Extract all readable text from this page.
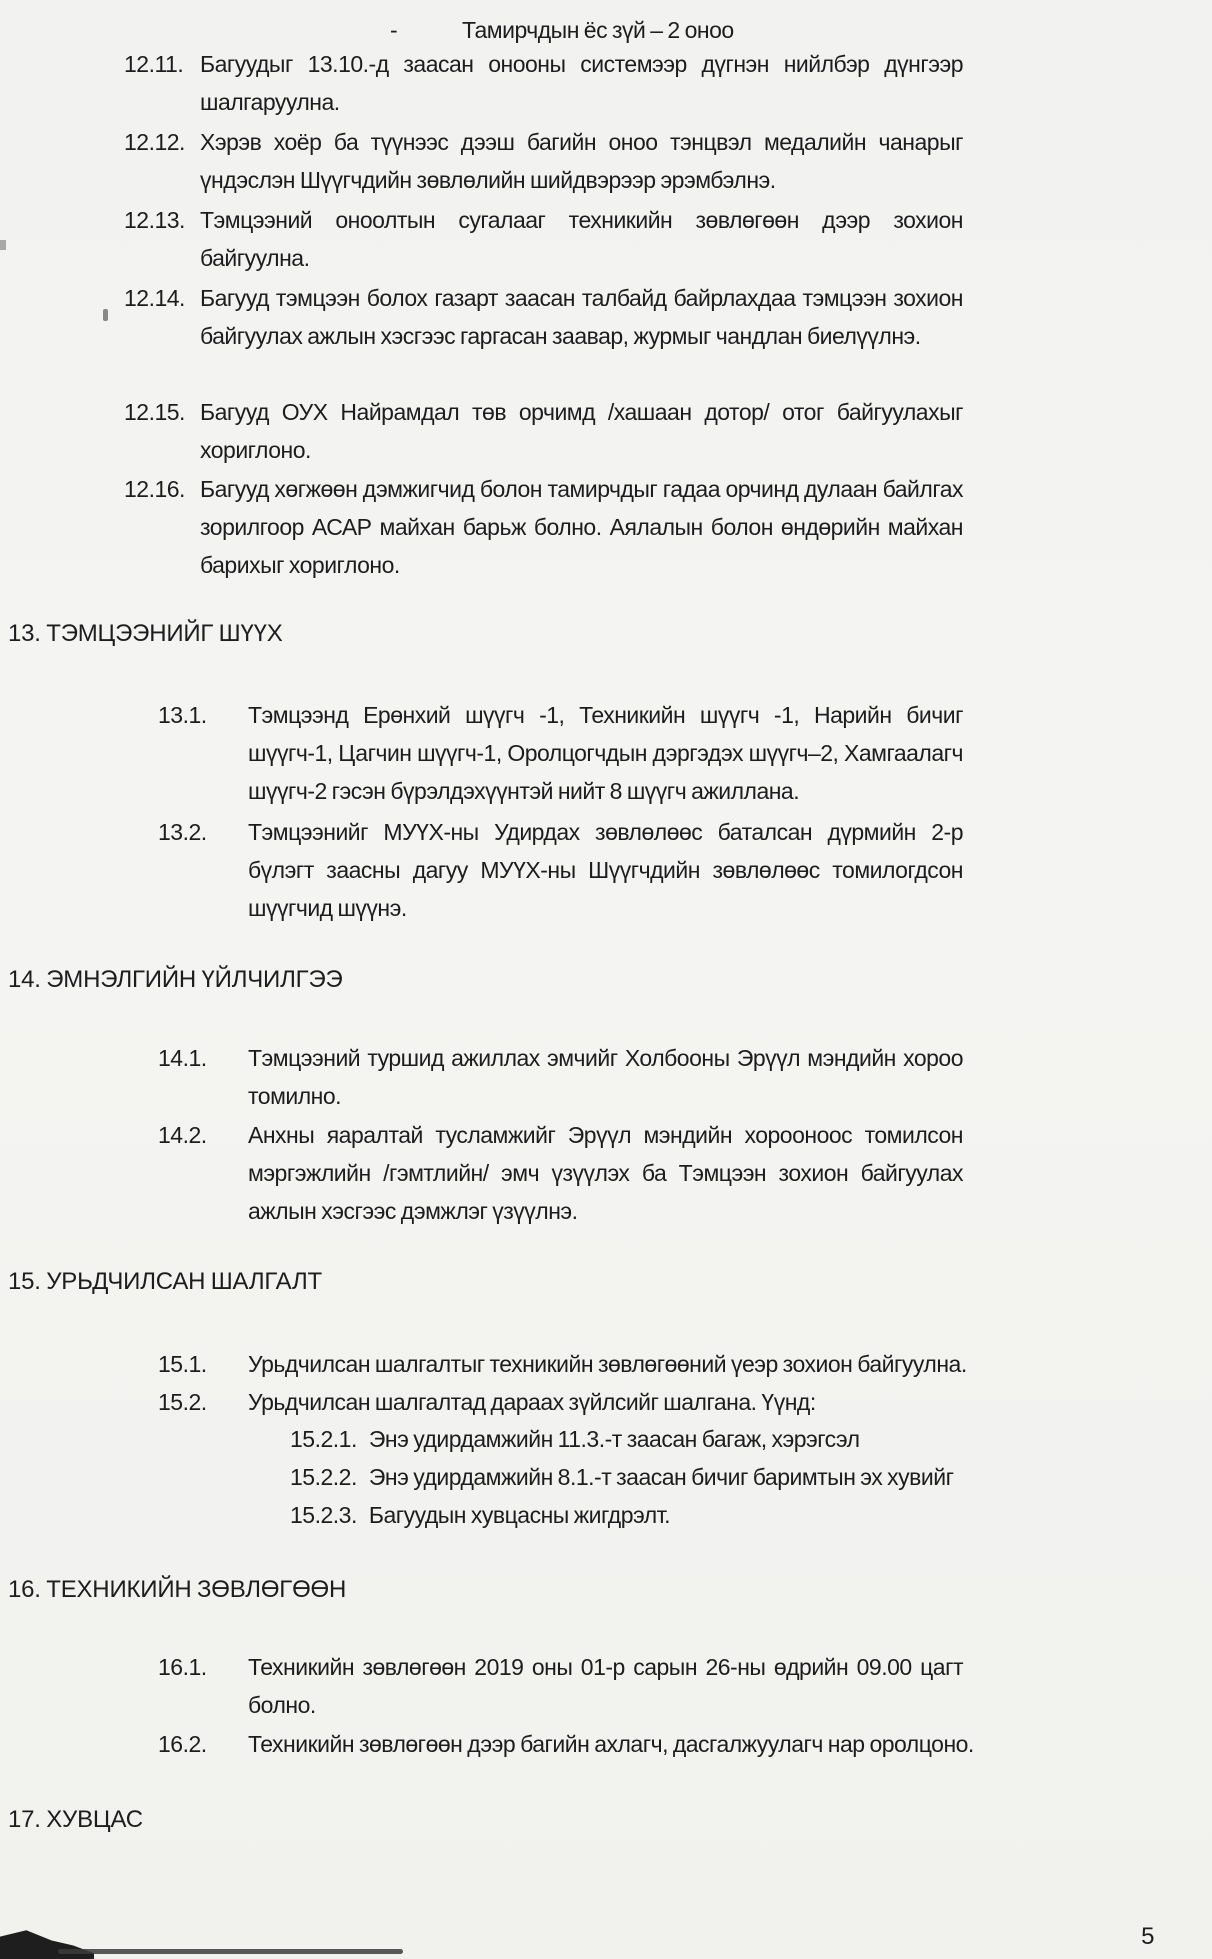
-	Тамирчдын ёс зүй – 2 оноо
12.11. Багуудыг 13.10.-д заасан онооны системээр дүгнэн нийлбэр дүнгээр шалгаруулна.
12.12. Хэрэв хоёр ба түүнээс дээш багийн оноо тэнцвэл медалийн чанарыг үндэслэн Шүүгчдийн зөвлөлийн шийдвэрээр эрэмбэлнэ.
12.13. Тэмцээний оноолтын сугалааг техникийн зөвлөгөөн дээр зохион байгуулна.
12.14. Багууд тэмцээн болох газарт заасан талбайд байрлахдаа тэмцээн зохион байгуулах ажлын хэсгээс гаргасан заавар, журмыг чандлан биелүүлнэ.
12.15. Багууд ОУХ Найрамдал төв орчимд /хашаан дотор/ отог байгуулахыг хориглоно.
12.16. Багууд хөгжөөн дэмжигчид болон тамирчдыг гадаа орчинд дулаан байлгах зорилгоор АСАР майхан барьж болно. Аялалын болон өндөрийн майхан барихыг хориглоно.
13. ТЭМЦЭЭНИЙГ ШҮҮХ
13.1.	Тэмцээнд Ерөнхий шүүгч -1, Техникийн шүүгч -1, Нарийн бичиг шүүгч-1, Цагчин шүүгч-1, Оролцогчдын дэргэдэх шүүгч–2, Хамгаалагч шүүгч-2 гэсэн бүрэлдэхүүнтэй нийт 8 шүүгч ажиллана.
13.2.	Тэмцээнийг МУҮХ-ны Удирдах зөвлөлөөс баталсан дүрмийн 2-р бүлэгт заасны дагуу МУҮХ-ны Шүүгчдийн зөвлөлөөс томилогдсон шүүгчид шүүнэ.
14. ЭМНЭЛГИЙН ҮЙЛЧИЛГЭЭ
14.1.	Тэмцээний туршид ажиллах эмчийг Холбооны Эрүүл мэндийн хороо томилно.
14.2.	Анхны яаралтай тусламжийг Эрүүл мэндийн хорооноос томилсон мэргэжлийн /гэмтлийн/ эмч үзүүлэх ба Тэмцээн зохион байгуулах ажлын хэсгээс дэмжлэг үзүүлнэ.
15. УРЬДЧИЛСАН ШАЛГАЛТ
15.1.	Урьдчилсан шалгалтыг техникийн зөвлөгөөний үеэр зохион байгуулна.
15.2.	Урьдчилсан шалгалтад дараах зүйлсийг шалгана. Үүнд:
15.2.1. Энэ удирдамжийн 11.3.-т заасан багаж, хэрэгсэл
15.2.2. Энэ удирдамжийн 8.1.-т заасан бичиг баримтын эх хувийг
15.2.3. Багуудын хувцасны жигдрэлт.
16. ТЕХНИКИЙН ЗӨВЛӨГӨӨН
16.1.	Техникийн зөвлөгөөн 2019 оны 01-р сарын 26-ны өдрийн 09.00 цагт болно.
16.2.	Техникийн зөвлөгөөн дээр багийн ахлагч, дасгалжуулагч нар оролцоно.
17. ХУВЦАС
5
